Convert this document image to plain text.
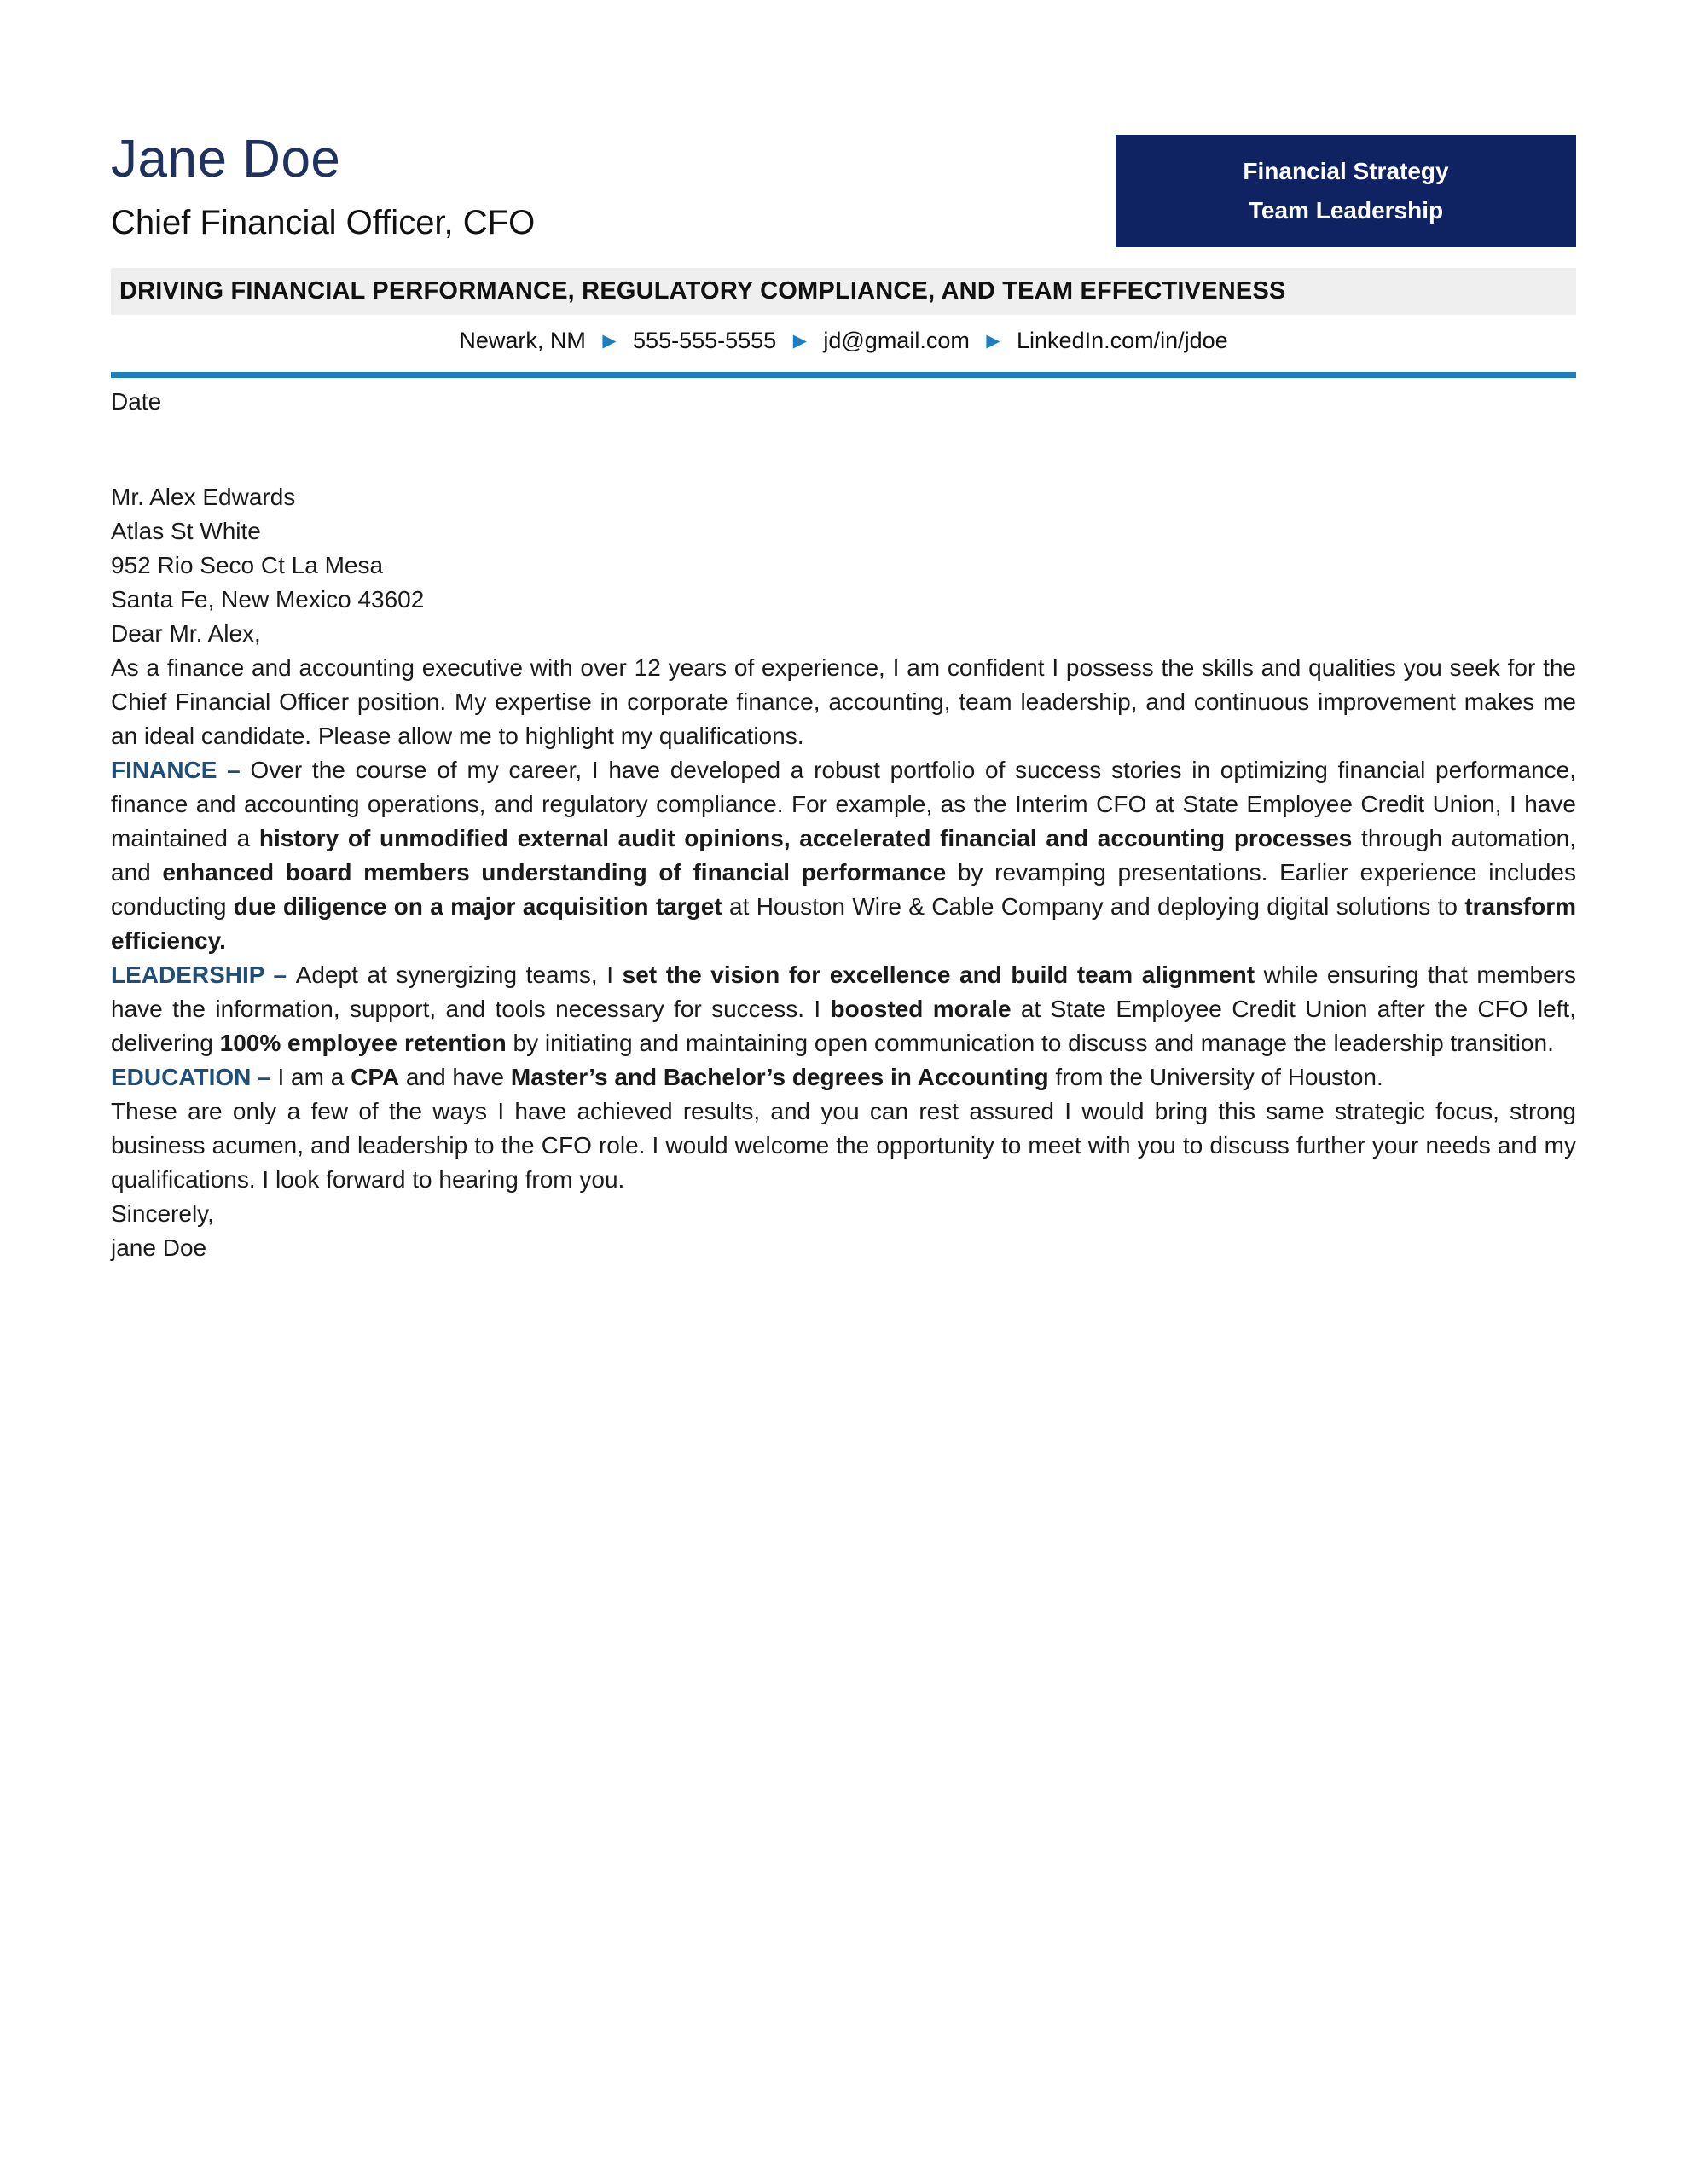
Jane Doe
Chief Financial Officer, CFO
Financial Strategy
Team Leadership
DRIVING FINANCIAL PERFORMANCE, REGULATORY COMPLIANCE, AND TEAM EFFECTIVENESS
Newark, NM ▶ 555-555-5555 ▶ jd@gmail.com ▶ LinkedIn.com/in/jdoe

Date

Mr. Alex Edwards

Atlas St White

952 Rio Seco Ct La Mesa

Santa Fe, New Mexico 43602

Dear Mr. Alex,

As a finance and accounting executive with over 12 years of experience, I am confident I possess the skills and qualities you seek for the Chief Financial Officer position. My expertise in corporate finance, accounting, team leadership, and continuous improvement makes me an ideal candidate. Please allow me to highlight my qualifications.

FINANCE – Over the course of my career, I have developed a robust portfolio of success stories in optimizing financial performance, finance and accounting operations, and regulatory compliance. For example, as the Interim CFO at State Employee Credit Union, I have maintained a history of unmodified external audit opinions, accelerated financial and accounting processes through automation, and enhanced board members understanding of financial performance by revamping presentations. Earlier experience includes conducting due diligence on a major acquisition target at Houston Wire & Cable Company and deploying digital solutions to transform efficiency.

LEADERSHIP – Adept at synergizing teams, I set the vision for excellence and build team alignment while ensuring that members have the information, support, and tools necessary for success. I boosted morale at State Employee Credit Union after the CFO left, delivering 100% employee retention by initiating and maintaining open communication to discuss and manage the leadership transition.

EDUCATION – I am a CPA and have Master’s and Bachelor’s degrees in Accounting from the University of Houston.

These are only a few of the ways I have achieved results, and you can rest assured I would bring this same strategic focus, strong business acumen, and leadership to the CFO role. I would welcome the opportunity to meet with you to discuss further your needs and my qualifications. I look forward to hearing from you.

Sincerely,

jane Doe
